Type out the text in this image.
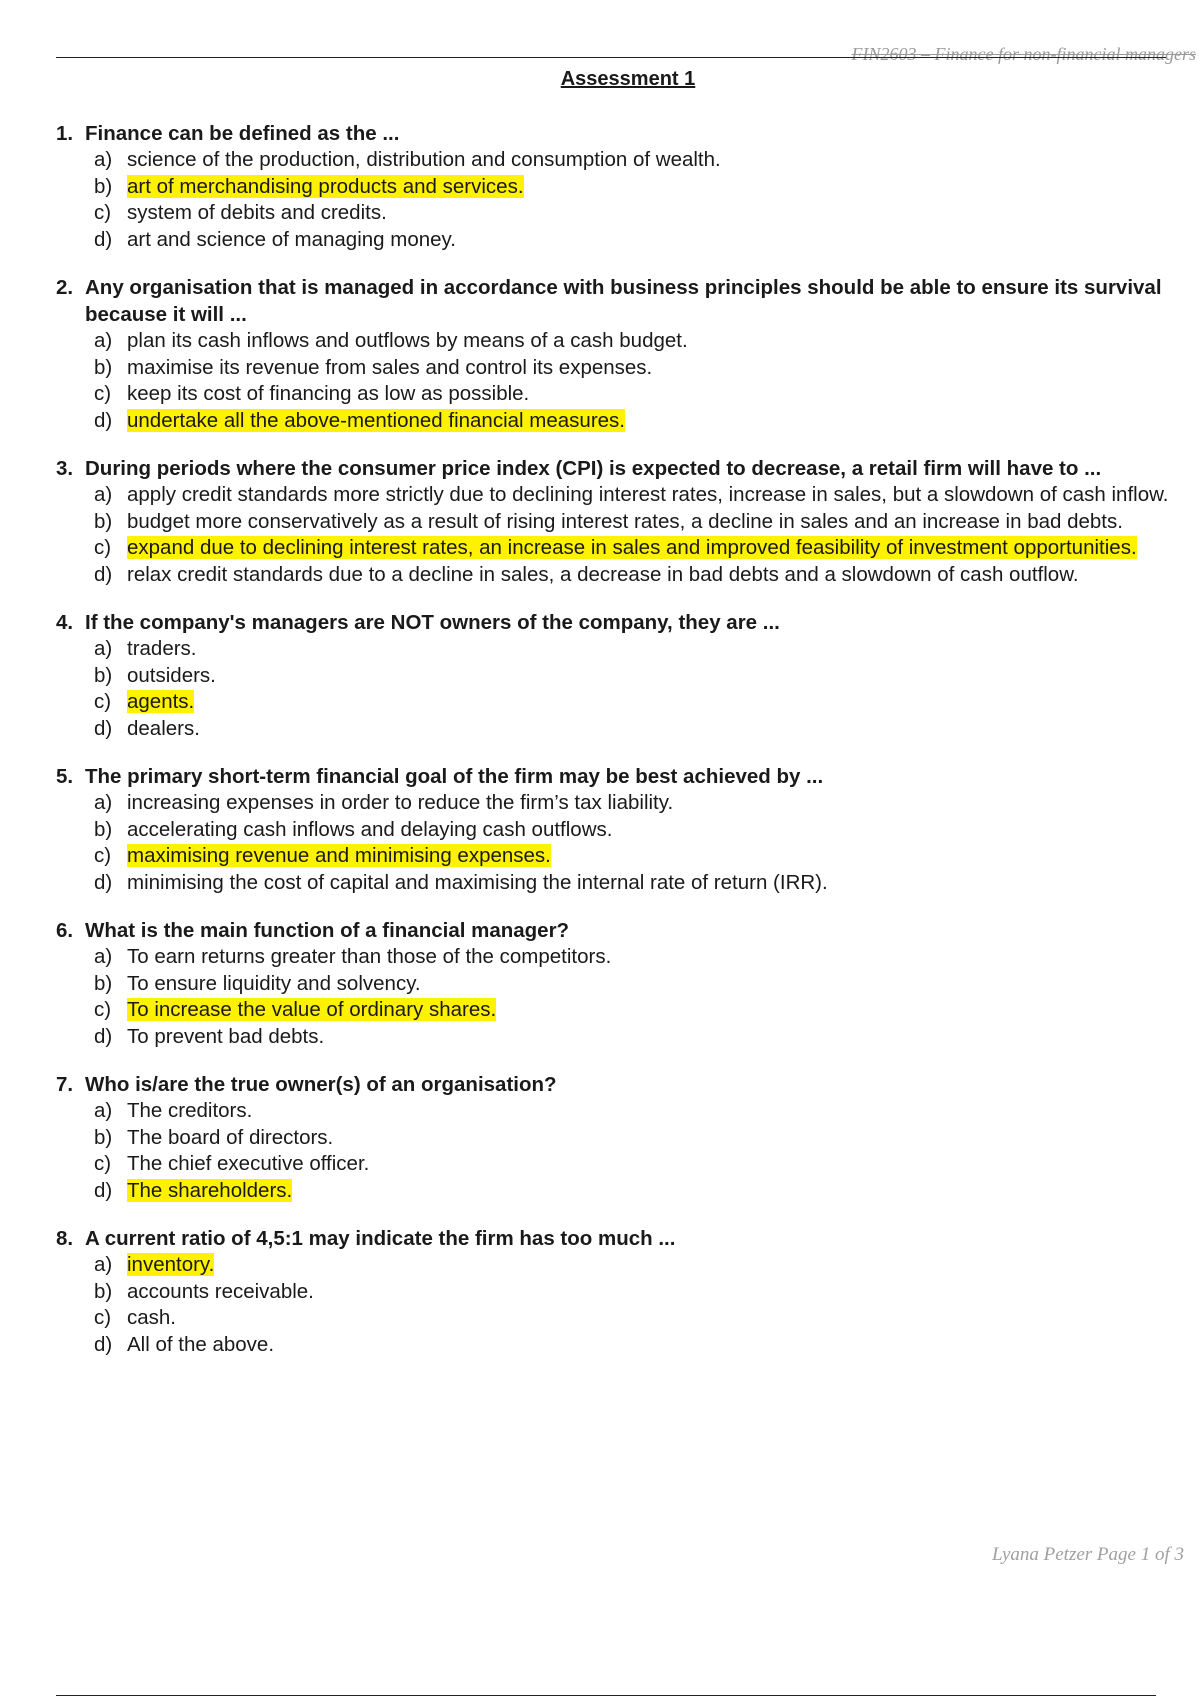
FIN2603 – Finance for non-financial managers
Assessment 1
1. Finance can be defined as the ...
a) science of the production, distribution and consumption of wealth.
b) art of merchandising products and services.
c) system of debits and credits.
d) art and science of managing money.
2. Any organisation that is managed in accordance with business principles should be able to ensure its survival because it will ...
a) plan its cash inflows and outflows by means of a cash budget.
b) maximise its revenue from sales and control its expenses.
c) keep its cost of financing as low as possible.
d) undertake all the above-mentioned financial measures.
3. During periods where the consumer price index (CPI) is expected to decrease, a retail firm will have to ...
a) apply credit standards more strictly due to declining interest rates, increase in sales, but a slowdown of cash inflow.
b) budget more conservatively as a result of rising interest rates, a decline in sales and an increase in bad debts.
c) expand due to declining interest rates, an increase in sales and improved feasibility of investment opportunities.
d) relax credit standards due to a decline in sales, a decrease in bad debts and a slowdown of cash outflow.
4. If the company's managers are NOT owners of the company, they are ...
a) traders.
b) outsiders.
c) agents.
d) dealers.
5. The primary short-term financial goal of the firm may be best achieved by ...
a) increasing expenses in order to reduce the firm’s tax liability.
b) accelerating cash inflows and delaying cash outflows.
c) maximising revenue and minimising expenses.
d) minimising the cost of capital and maximising the internal rate of return (IRR).
6. What is the main function of a financial manager?
a) To earn returns greater than those of the competitors.
b) To ensure liquidity and solvency.
c) To increase the value of ordinary shares.
d) To prevent bad debts.
7. Who is/are the true owner(s) of an organisation?
a) The creditors.
b) The board of directors.
c) The chief executive officer.
d) The shareholders.
8. A current ratio of 4,5:1 may indicate the firm has too much ...
a) inventory.
b) accounts receivable.
c) cash.
d) All of the above.
Lyana Petzer Page 1 of 3
